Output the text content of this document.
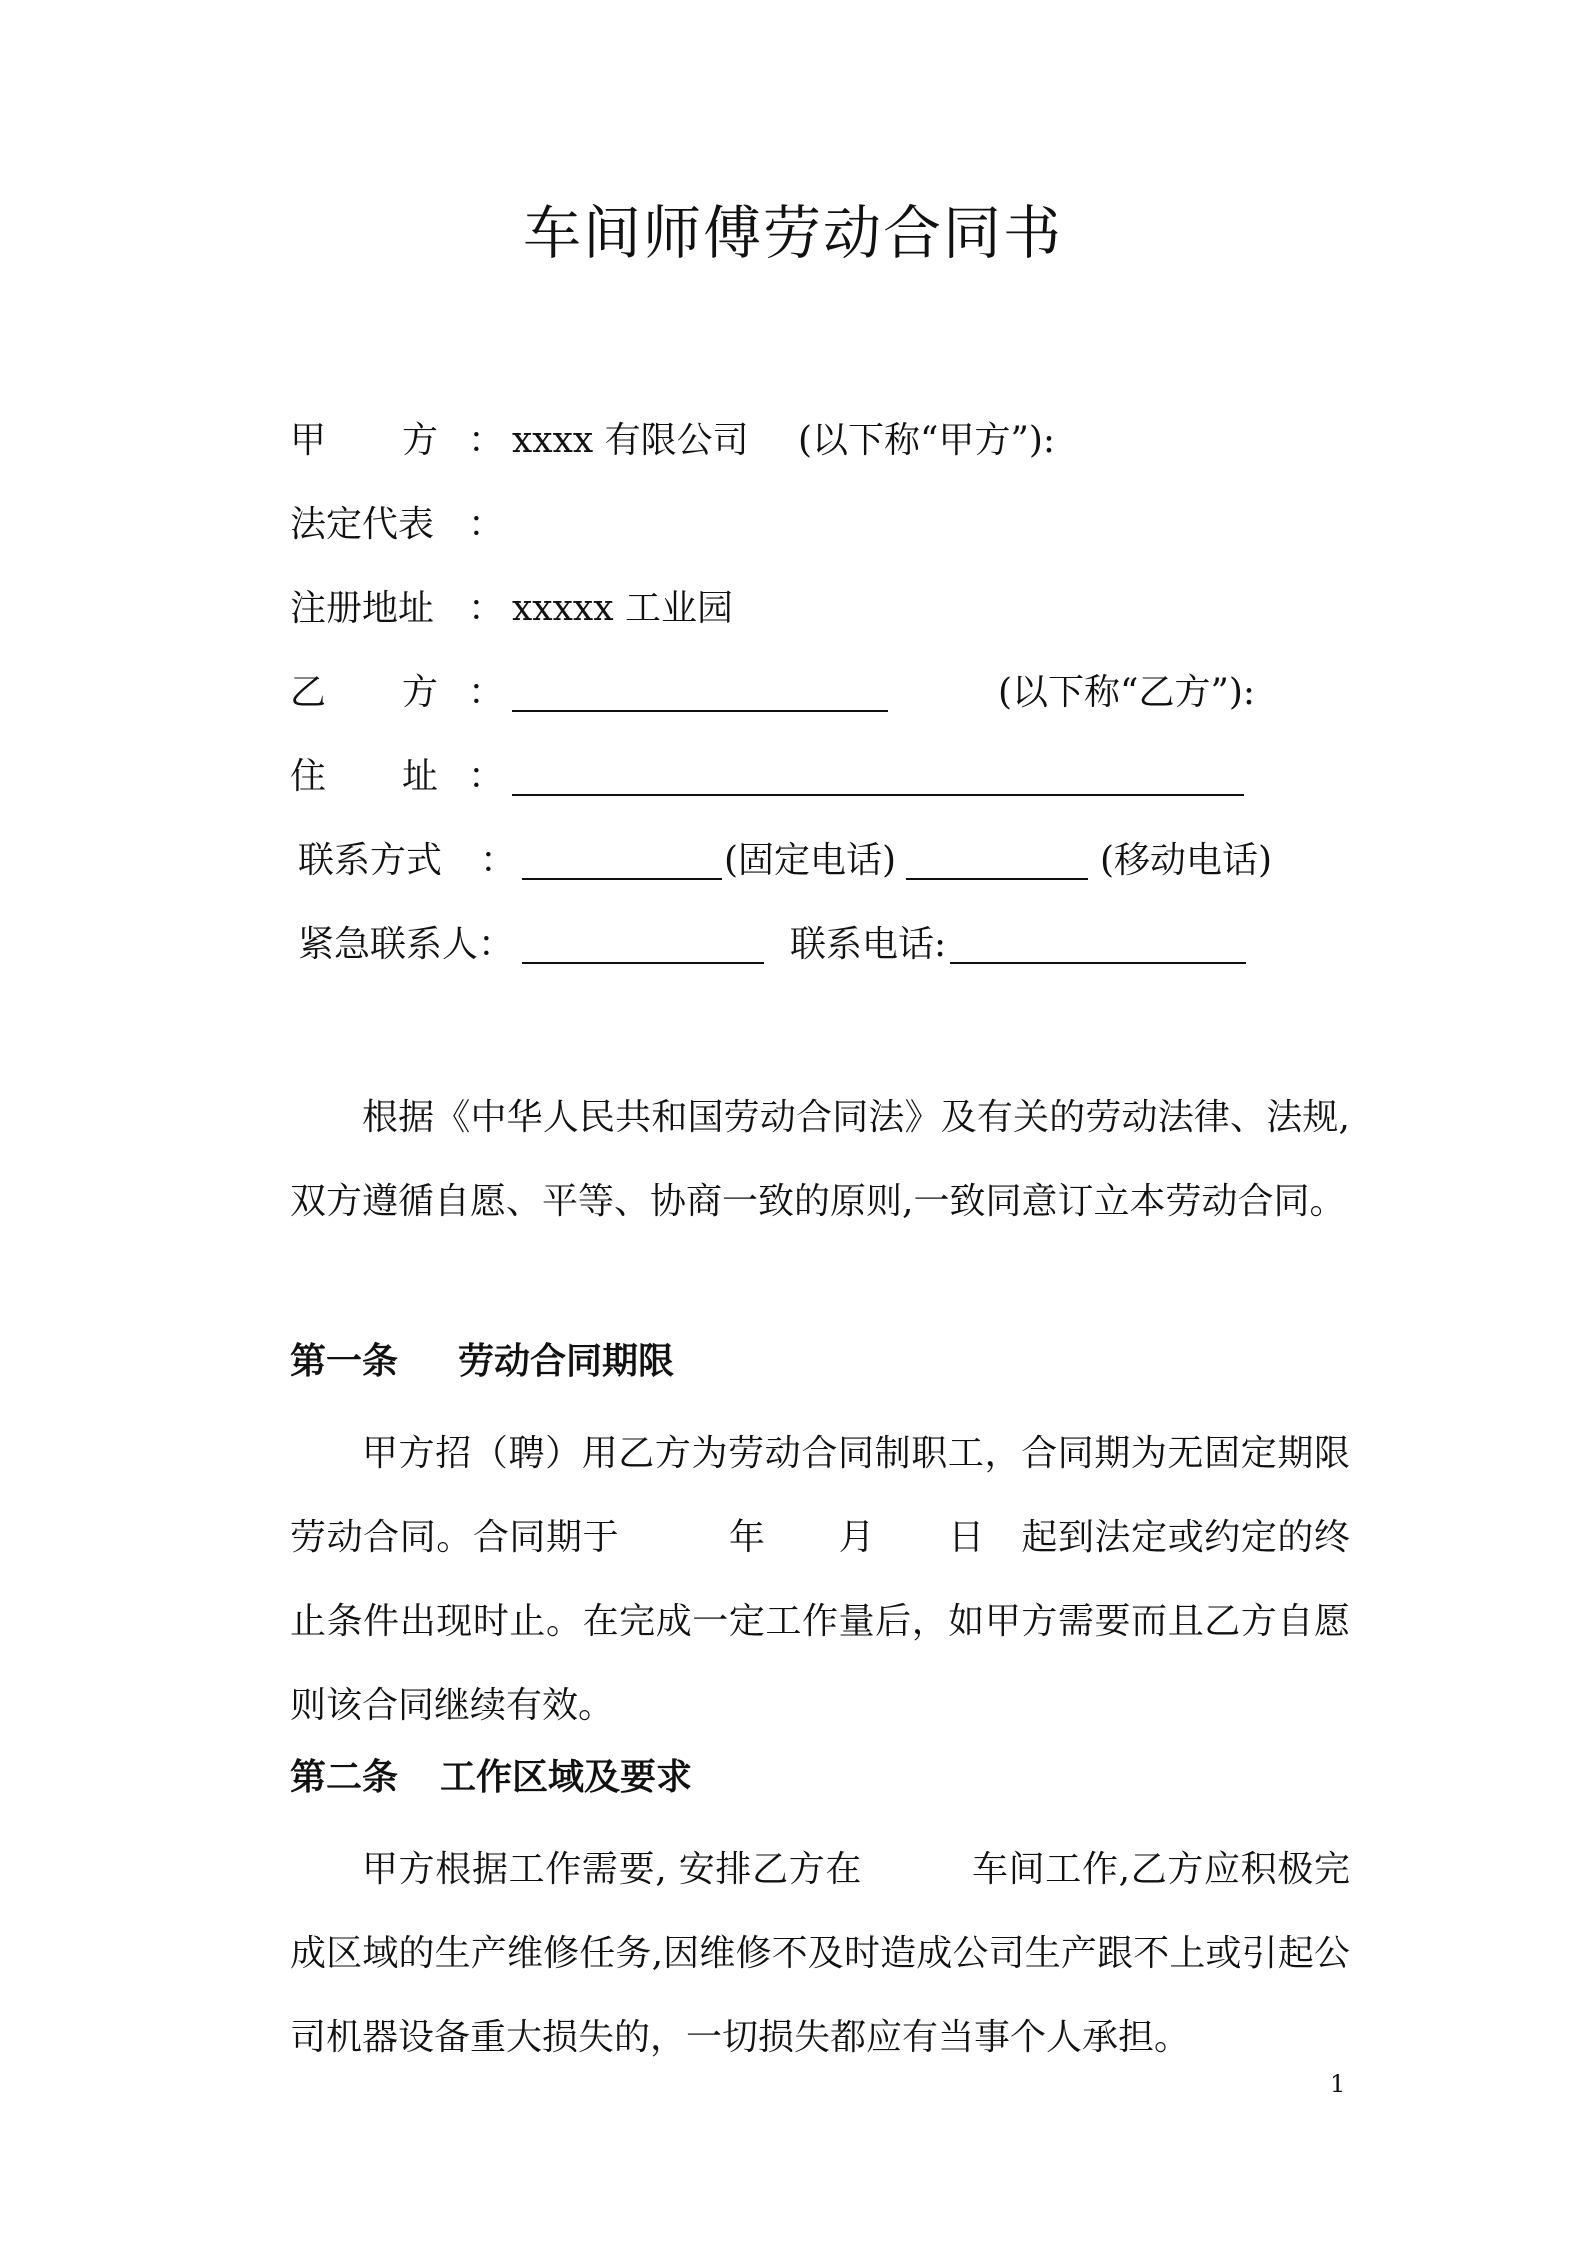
车间师傅劳动合同书
甲 方 ： xxxx 有限公司 (以下称“甲方”):
法定代表 ：
注册地址 ： xxxxx 工业园
乙 方 ：	(以下称“乙方”):
住 址 ：
联系方式 ：	(固定电话)	(移动电话)
紧急联系人：	联系电话:

根据《中华人民共和国劳动合同法》及有关的劳动法律、法规, 双方遵循自愿、平等、协商一致的原则,一致同意订立本劳动合同。

第一条 劳动合同期限

甲方招（聘）用乙方为劳动合同制职工，合同期为无固定期限劳动合同。合同期于　　　年　　月　　日　起到法定或约定的终止条件出现时止。在完成一定工作量后，如甲方需要而且乙方自愿则该合同继续有效。

第二条 工作区域及要求

甲方根据工作需要, 安排乙方在　　　车间工作,乙方应积极完成区域的生产维修任务,因维修不及时造成公司生产跟不上或引起公司机器设备重大损失的，一切损失都应有当事个人承担。

1
